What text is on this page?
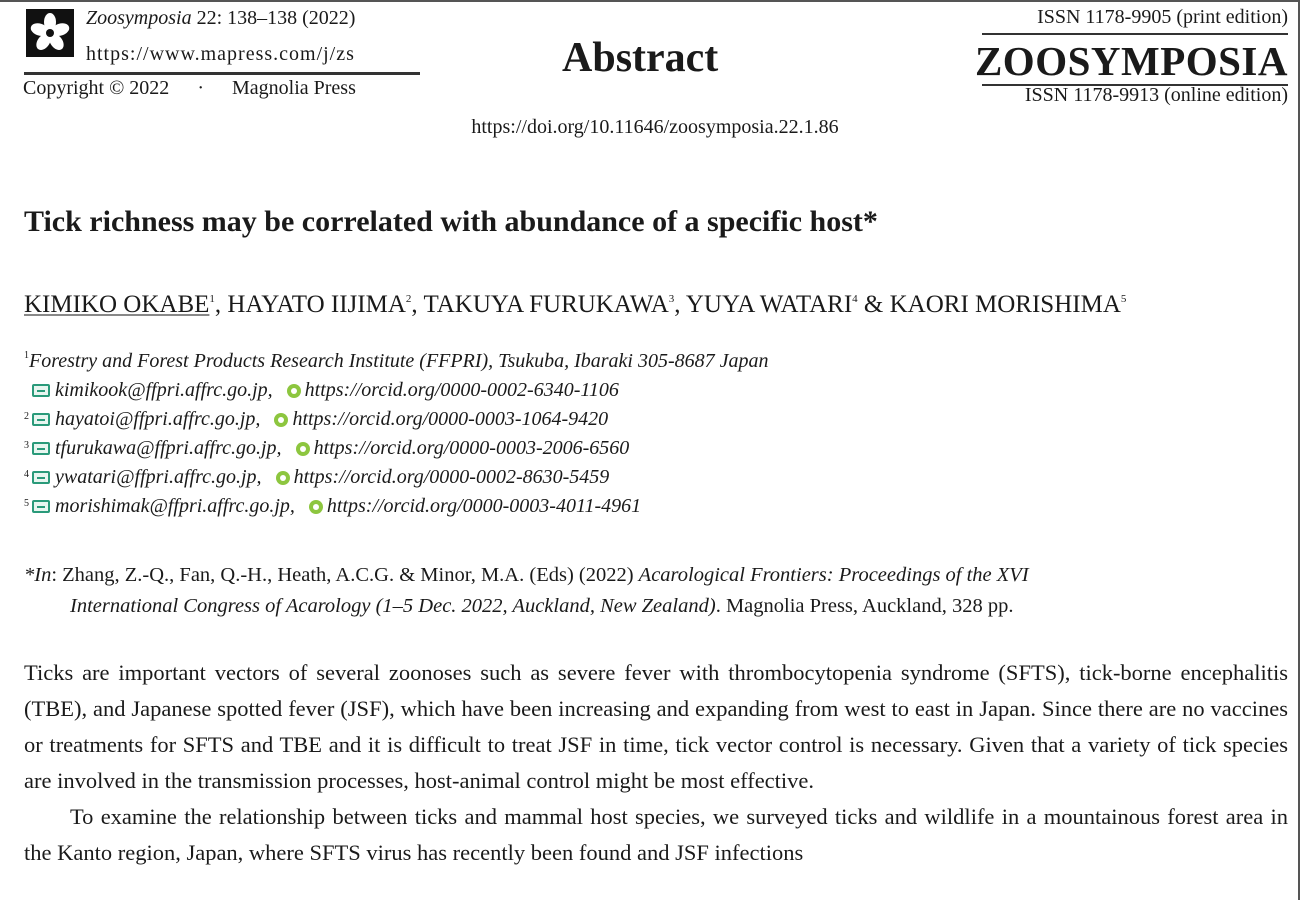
Zoosymposia 22: 138–138 (2022)
https://www.mapress.com/j/zs
Copyright © 2022 · Magnolia Press
Abstract
https://doi.org/10.11646/zoosymposia.22.1.86
ISSN 1178-9905 (print edition)
ZOOSYMPOSIA
ISSN 1178-9913 (online edition)
Tick richness may be correlated with abundance of a specific host*
KIMIKO OKABE$^1$, HAYATO IIJIMA$^2$, TAKUYA FURUKAWA$^3$, YUYA WATARI$^4$ & KAORI MORISHIMA$^5$
$^1$Forestry and Forest Products Research Institute (FFPRI), Tsukuba, Ibaraki 305-8687 Japan
kimikook@ffpri.affrc.go.jp, https://orcid.org/0000-0002-6340-1106
2 hayatoi@ffpri.affrc.go.jp, https://orcid.org/0000-0003-1064-9420
3 tfurukawa@ffpri.affrc.go.jp, https://orcid.org/0000-0003-2006-6560
4 ywatari@ffpri.affrc.go.jp, https://orcid.org/0000-0002-8630-5459
5 morishimak@ffpri.affrc.go.jp, https://orcid.org/0000-0003-4011-4961
*In: Zhang, Z.-Q., Fan, Q.-H., Heath, A.C.G. & Minor, M.A. (Eds) (2022) Acarological Frontiers: Proceedings of the XVI
International Congress of Acarology (1–5 Dec. 2022, Auckland, New Zealand). Magnolia Press, Auckland, 328 pp.

Ticks are important vectors of several zoonoses such as severe fever with thrombocytopenia syndrome (SFTS), tick-borne encephalitis (TBE), and Japanese spotted fever (JSF), which have been increasing and expanding from west to east in Japan. Since there are no vaccines or treatments for SFTS and TBE and it is difficult to treat JSF in time, tick vector control is necessary. Given that a variety of tick species are involved in the transmission processes, host-animal control might be most effective.

To examine the relationship between ticks and mammal host species, we surveyed ticks and wildlife in a mountainous forest area in the Kanto region, Japan, where SFTS virus has recently been found and JSF infections
